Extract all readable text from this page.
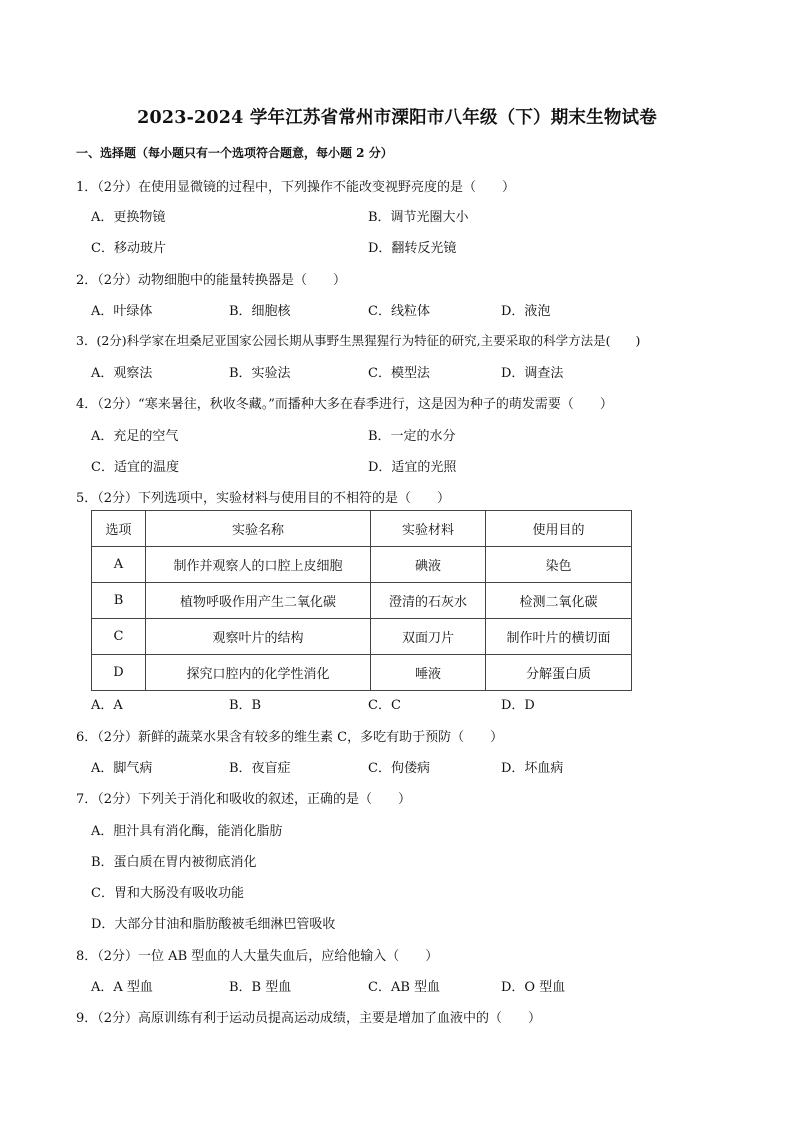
2023-2024 学年江苏省常州市溧阳市八年级（下）期末生物试卷
一、选择题（每小题只有一个选项符合题意，每小题 2 分）
1．（2分）在使用显微镜的过程中，下列操作不能改变视野亮度的是（　　）
A．更换物镜	B．调节光圈大小
C．移动玻片	D．翻转反光镜
2．（2分）动物细胞中的能量转换器是（　　）
A．叶绿体	B．细胞核	C．线粒体	D．液泡
3．(2分)科学家在坦桑尼亚国家公园长期从事野生黑猩猩行为特征的研究,主要采取的科学方法是(　　)
A．观察法	B．实验法	C．模型法	D．调查法
4．（2分）“寒来暑往，秋收冬藏。”而播种大多在春季进行，这是因为种子的萌发需要（　　）
A．充足的空气	B．一定的水分
C．适宜的温度	D．适宜的光照
5．（2分）下列选项中，实验材料与使用目的不相符的是（　　）
选项	实验名称	实验材料	使用目的
A	制作并观察人的口腔上皮细胞	碘液	染色
B	植物呼吸作用产生二氧化碳	澄清的石灰水	检测二氧化碳
C	观察叶片的结构	双面刀片	制作叶片的横切面
D	探究口腔内的化学性消化	唾液	分解蛋白质
A．A	B．B	C．C	D．D
6．（2分）新鲜的蔬菜水果含有较多的维生素 C，多吃有助于预防（　　）
A．脚气病	B．夜盲症	C．佝偻病	D．坏血病
7．（2分）下列关于消化和吸收的叙述，正确的是（　　）
A．胆汁具有消化酶，能消化脂肪
B．蛋白质在胃内被彻底消化
C．胃和大肠没有吸收功能
D．大部分甘油和脂肪酸被毛细淋巴管吸收
8．（2分）一位 AB 型血的人大量失血后，应给他输入（　　）
A．A 型血	B．B 型血	C．AB 型血	D．O 型血
9．（2分）高原训练有利于运动员提高运动成绩，主要是增加了血液中的（　　）
